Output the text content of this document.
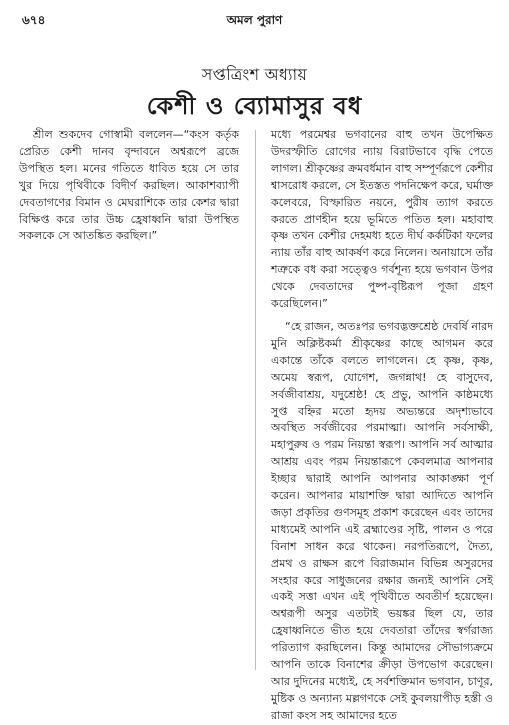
৬৭৪	অমল পুরাণ
সপ্তত্রিংশ অধ্যায়
কেশী ও ব্যোমাসুর বধ

শ্রীল শুকদেব গোস্বামী বললেন—“কংস কর্তৃক প্রেরিত কেশী দানব বৃন্দাবনে অশ্বরূপে ব্রজে উপস্থিত হল। মনের গতিতে ধাবিত হয়ে সে তার খুর দিয়ে পৃথিবীকে বিদীর্ণ করছিল। আকাশব্যাপী দেবতাগণের বিমান ও মেঘরাশিকে তার কেশর দ্বারা বিক্ষিপ্ত করে তার উচ্চ হ্রেষাধ্বনি দ্বারা উপস্থিত সকলকে সে আতঙ্কিত করছিল।”

মধ্যে পরমেশ্বর ভগবানের বাহু তখন উপেক্ষিত উদরস্ফীতি রোগের ন্যায় বিরাটভাবে বৃদ্ধি পেতে লাগল। শ্রীকৃষ্ণের ক্রমবর্ধমান বাহু সম্পূর্ণরূপে কেশীর শ্বাসরোধ করলে, সে ইতস্তত পদনিক্ষেপ করে, ঘর্মাক্ত কলেবরে, বিস্ফারিত নয়নে, পুরীষ ত্যাগ করতে করতে প্রাণহীন হয়ে ভূমিতে পতিত হল। মহাবাহু কৃষ্ণ তখন কেশীর দেহমধ্য হতে দীর্ঘ কর্কটিকা ফলের ন্যায় তাঁর বাহু আকর্ষণ করে নিলেন। অনায়াসে তাঁর শত্রুকে বধ করা সত্ত্বেও গর্বশূন্য হয়ে ভগবান উপর থেকে দেবতাদের পুষ্প-বৃষ্টিরূপ পূজা গ্রহণ করেছিলেন।”

“হে রাজন, অতঃপর ভগবদ্ভক্তশ্রেষ্ঠ দেবর্ষি নারদ মুনি অক্লিষ্টকর্মা শ্রীকৃষ্ণের কাছে আগমন করে একান্তে তাঁকে বলতে লাগলেন। হে কৃষ্ণ, কৃষ্ণ, অমেয় স্বরূপ, যোগেশ, জগন্নাথ! হে বাসুদেব, সর্বজীবাশ্রয়, যদুশ্রেষ্ঠ! হে প্রভু, আপনি কাষ্ঠমধ্যে সুপ্ত বহ্নির মতো হৃদয় অভ্যন্তরে অদৃশ্যভাবে অবস্থিত সর্বজীবের পরমাত্মা। আপনি সর্বসাক্ষী, মহাপুরুষ ও পরম নিয়ন্তা স্বরূপ। আপনি সর্ব আত্মার আশ্রয় এবং পরম নিয়ন্তারূপে কেবলমাত্র আপনার ইচ্ছার দ্বারাই আপনি আপনার আকাঙ্ক্ষা পূর্ণ করেন। আপনার মায়াশক্তি দ্বারা আদিতে আপনি জড়া প্রকৃতির গুণসমূহ প্রকাশ করেছেন এবং তাদের মাধ্যমেই আপনি এই ব্রহ্মাণ্ডের সৃষ্টি, পালন ও পরে বিনাশ সাধন করে থাকেন। নরপতিরূপে, দৈত্য, প্রমথ ও রাক্ষস রূপে বিরাজমান বিভিন্ন অসুরদের সংহার করে সাধুজনের রক্ষার জন্যই আপনি সেই একই সত্তা এখন এই পৃথিবীতে অবতীর্ণ হয়েছেন। অশ্বরূপী অসুর এতটাই ভয়ঙ্কর ছিল যে, তার হ্রেষাধ্বনিতে ভীত হয়ে দেবতারা তাঁদের স্বর্গরাজ্য পরিত্যাগ করছিলেন। কিন্তু আমাদের সৌভাগ্যক্রমে আপনি তাকে বিনাশের ক্রীড়া উপভোগ করেছেন। আর দুদিনের মধ্যেই, হে সর্বশক্তিমান ভগবান, চাণূর, মুষ্টিক ও অন্যান্য মল্লগণকে সেই কুবলয়াপীড় হস্তী ও রাজা কংস সহ আমাদের হতে
